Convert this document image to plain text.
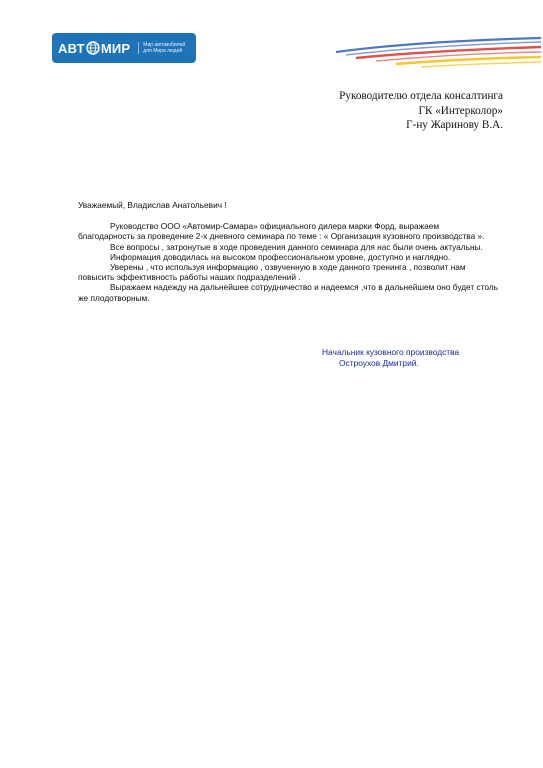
АВТ МИР	Мир автомобилей
для Мира людей
Руководителю отдела консалтинга
ГК «Интерколор»
Г-ну Жаринову В.А.

Уважаемый, Владислав Анатольевич !

Руководство ООО «Автомир-Самара» официального дилера марки Форд, выражаем благодарность за проведение 2-х дневного семинара по теме : « Организация кузовного производства ».

Все вопросы , затронутые в ходе проведения данного семинара для нас были очень актуальны.

Информация доводилась на высоком профессиональном уровне, доступно и наглядно.

Уверены , что используя информацию , озвученную в ходе данного тренинга , позволит нам повысить эффективность работы наших подразделений .

Выражаем надежду на дальнейшее сотрудничество и надеемся ,что в дальнейшем оно будет столь же плодотворным.

Начальник кузовного производства
Остроухов Дмитрий.
